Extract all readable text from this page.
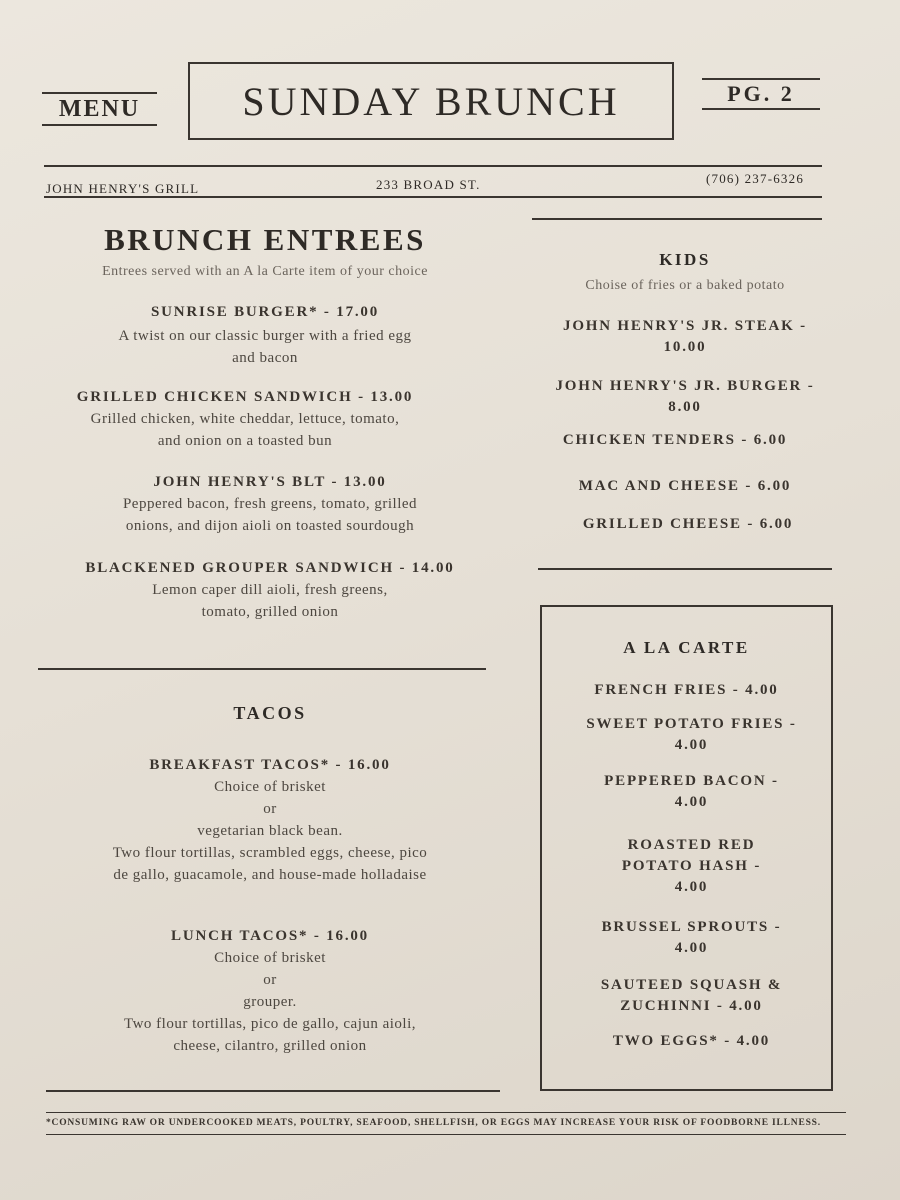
MENU	SUNDAY BRUNCH	PG. 2
JOHN HENRY'S GRILL	233 BROAD ST.	(706) 237-6326
BRUNCH ENTREES
Entrees served with an A la Carte item of your choice
SUNRISE BURGER* - 17.00
A twist on our classic burger with a fried egg
and bacon
GRILLED CHICKEN SANDWICH - 13.00
Grilled chicken, white cheddar, lettuce, tomato,
and onion on a toasted bun
JOHN HENRY'S BLT - 13.00
Peppered bacon, fresh greens, tomato, grilled
onions, and dijon aioli on toasted sourdough
BLACKENED GROUPER SANDWICH - 14.00
Lemon caper dill aioli, fresh greens,
tomato, grilled onion
TACOS
BREAKFAST TACOS* - 16.00
Choice of brisket
or
vegetarian black bean.
Two flour tortillas, scrambled eggs, cheese, pico
de gallo, guacamole, and house-made holladaise
LUNCH TACOS* - 16.00
Choice of brisket
or
grouper.
Two flour tortillas, pico de gallo, cajun aioli,
cheese, cilantro, grilled onion
KIDS
Choise of fries or a baked potato
JOHN HENRY'S JR. STEAK -
10.00
JOHN HENRY'S JR. BURGER -
8.00
CHICKEN TENDERS - 6.00
MAC AND CHEESE - 6.00
GRILLED CHEESE - 6.00
A LA CARTE
FRENCH FRIES - 4.00
SWEET POTATO FRIES -
4.00
PEPPERED BACON -
4.00
ROASTED RED
POTATO HASH -
4.00
BRUSSEL SPROUTS -
4.00
SAUTEED SQUASH &
ZUCHINNI - 4.00
TWO EGGS* - 4.00
*CONSUMING RAW OR UNDERCOOKED MEATS, POULTRY, SEAFOOD, SHELLFISH, OR EGGS MAY INCREASE YOUR RISK OF FOODBORNE ILLNESS.
